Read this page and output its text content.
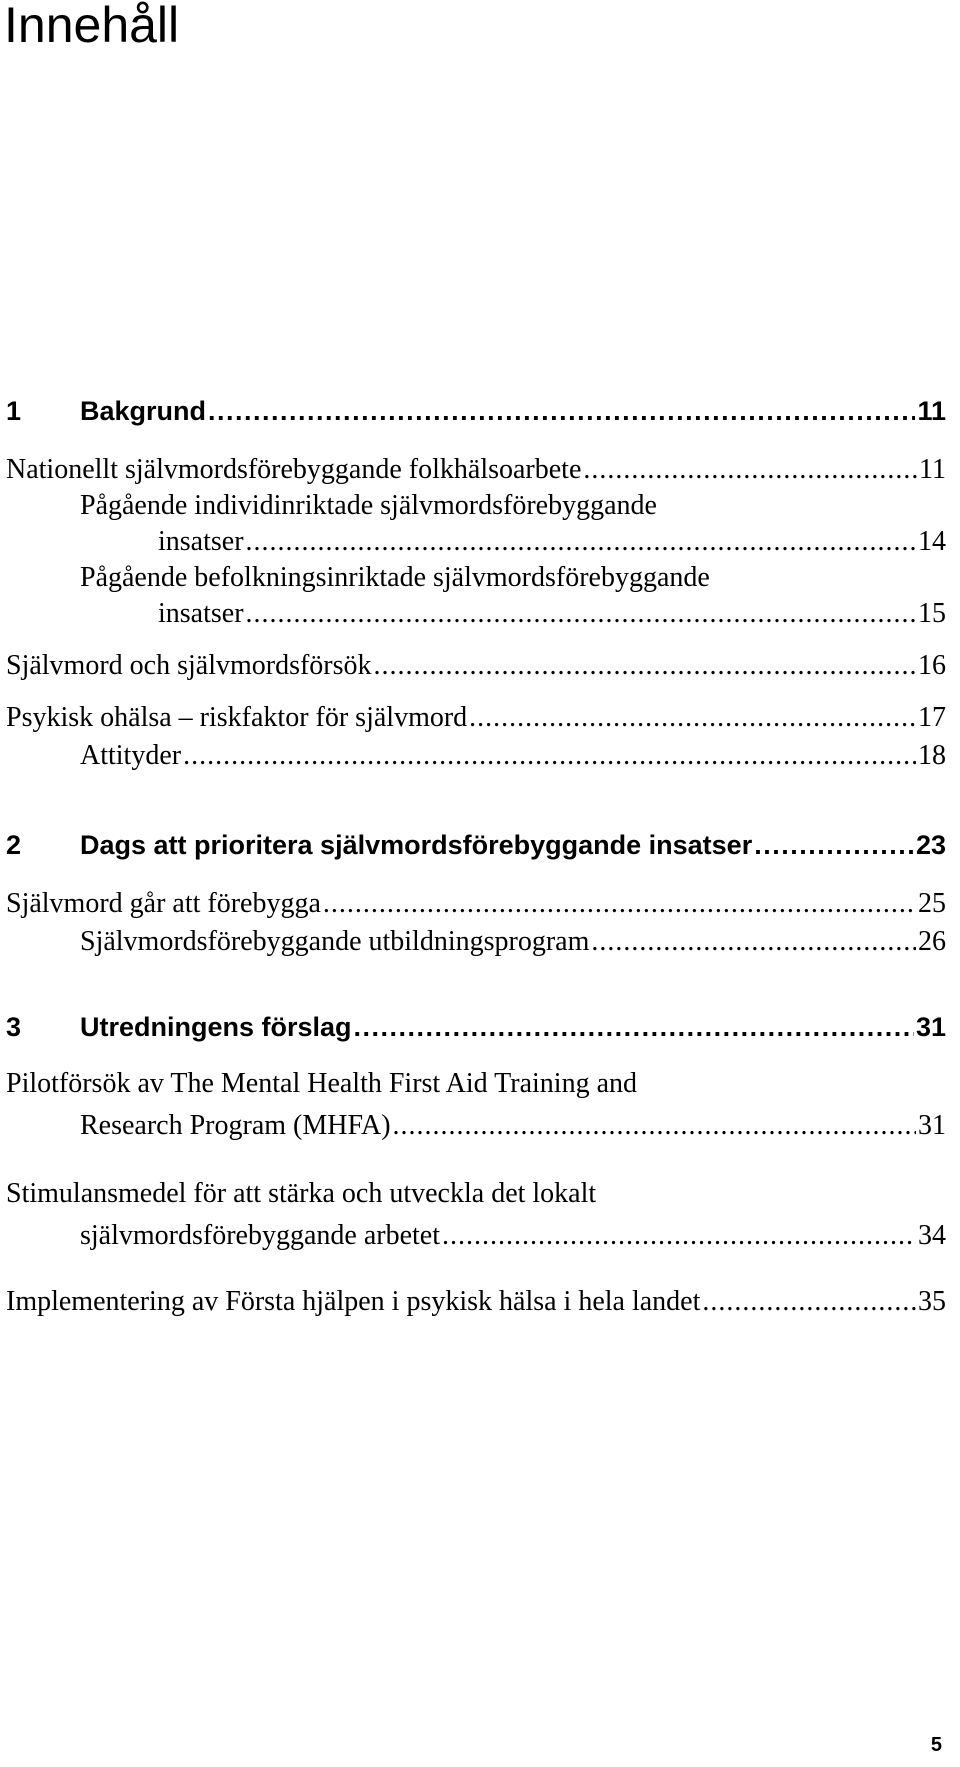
Innehåll
1	Bakgrund . . .	11
Nationellt självmordsförebyggande folkhälsoarbete . . .	11
Pågående individinriktade självmordsförebyggande
insatser . . .	14
Pågående befolkningsinriktade självmordsförebyggande
insatser . . .	15
Självmord och självmordsförsök . . .	16
Psykisk ohälsa – riskfaktor för självmord . . .	17
Attityder . . .	18
2	Dags att prioritera självmordsförebyggande insatser . . .	23
Självmord går att förebygga . . .	25
Självmordsförebyggande utbildningsprogram . . .	26
3	Utredningens förslag . . .	31
Pilotförsök av The Mental Health First Aid Training and
Research Program (MHFA) . . .	31
Stimulansmedel för att stärka och utveckla det lokalt
självmordsförebyggande arbetet . . .	34
Implementering av Första hjälpen i psykisk hälsa i hela landet . . .	35
5
